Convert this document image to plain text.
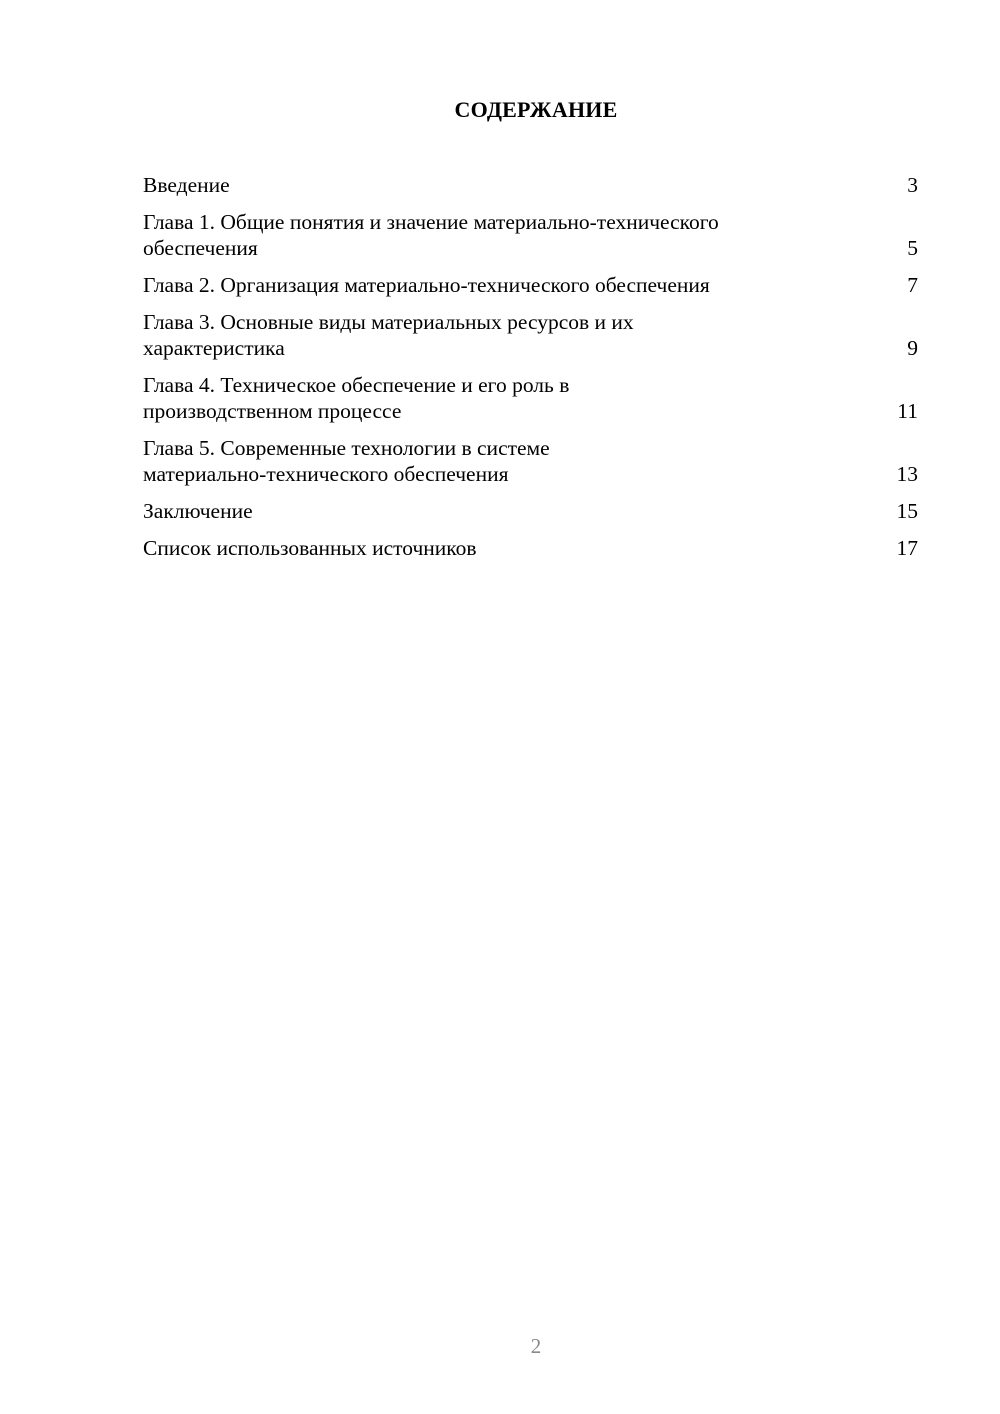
СОДЕРЖАНИЕ
Введение	3
Глава 1. Общие понятия и значение материально-технического
обеспечения	5
Глава 2. Организация материально-технического обеспечения	7
Глава 3. Основные виды материальных ресурсов и их
характеристика	9
Глава 4. Техническое обеспечение и его роль в
производственном процессе	11
Глава 5. Современные технологии в системе
материально-технического обеспечения	13
Заключение	15
Список использованных источников	17
2
